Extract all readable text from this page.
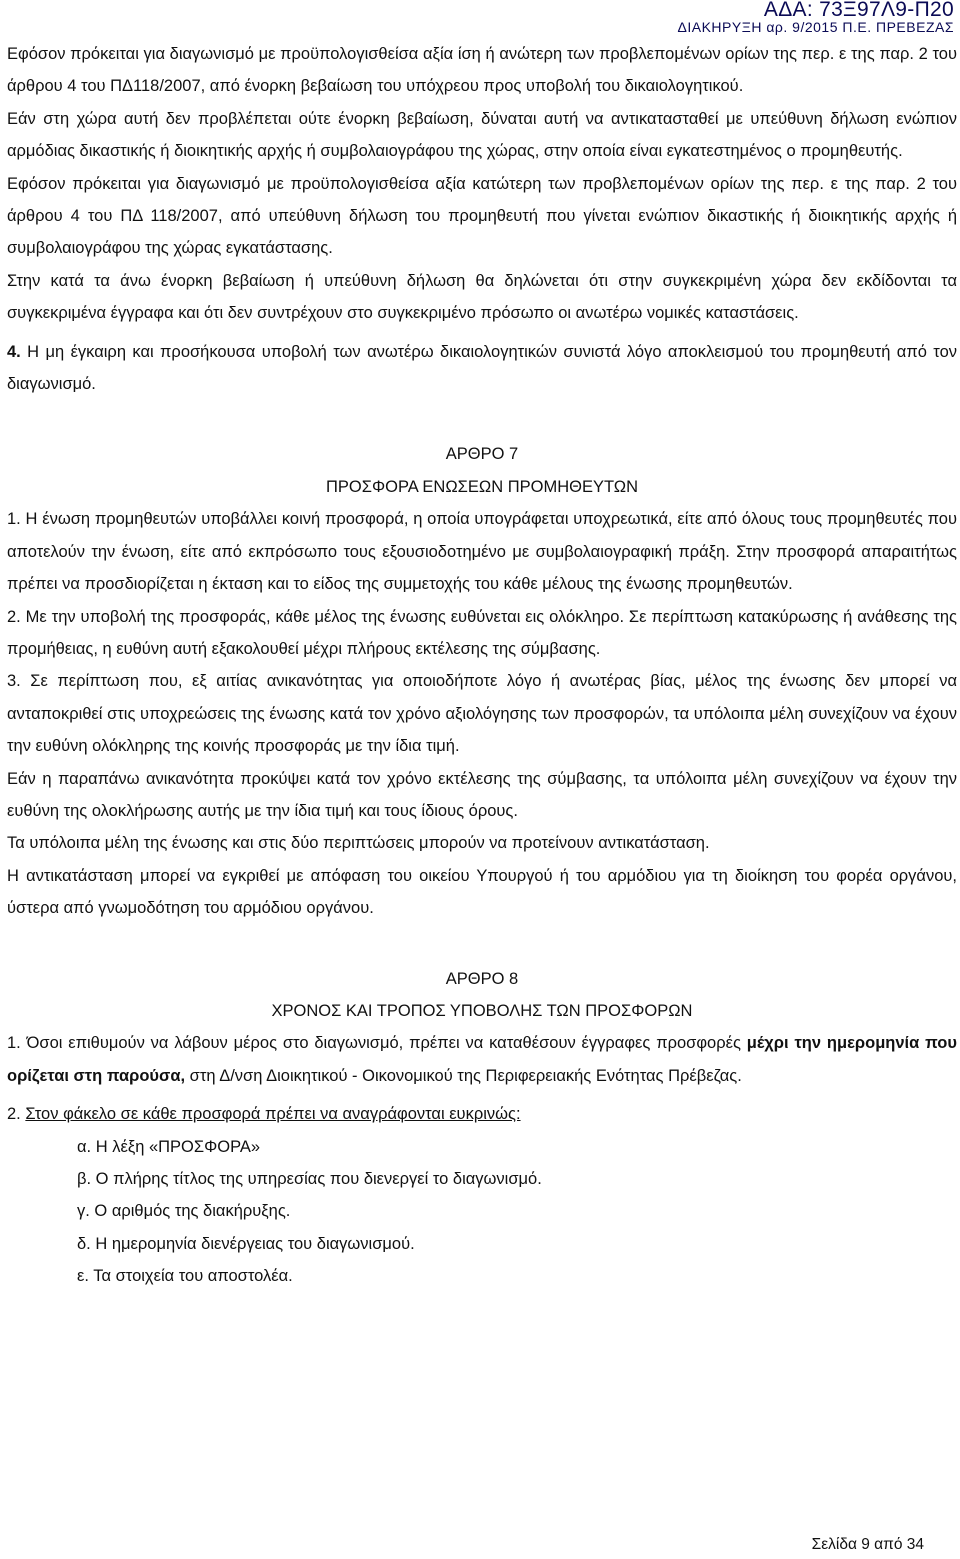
ΑΔΑ: 73Ξ97Λ9-Π20
ΔΙΑΚΗΡΥΞΗ αρ. 9/2015 Π.Ε. ΠΡΕΒΕΖΑΣ
Εφόσον πρόκειται για διαγωνισμό με προϋπολογισθείσα αξία ίση ή ανώτερη των προβλεπομένων ορίων της περ. ε της παρ. 2 του άρθρου 4 του ΠΔ118/2007, από ένορκη βεβαίωση του υπόχρεου προς υποβολή του δικαιολογητικού.
Εάν στη χώρα αυτή δεν προβλέπεται ούτε ένορκη βεβαίωση, δύναται αυτή να αντικατασταθεί με υπεύθυνη δήλωση ενώπιον αρμόδιας δικαστικής ή διοικητικής αρχής ή συμβολαιογράφου της χώρας, στην οποία είναι εγκατεστημένος ο προμηθευτής.
Εφόσον πρόκειται για διαγωνισμό με προϋπολογισθείσα αξία κατώτερη των προβλεπομένων ορίων της περ. ε της παρ. 2 του άρθρου 4 του ΠΔ 118/2007, από υπεύθυνη δήλωση του προμηθευτή που γίνεται ενώπιον δικαστικής ή διοικητικής αρχής ή συμβολαιογράφου της χώρας εγκατάστασης.
Στην κατά τα άνω ένορκη βεβαίωση ή υπεύθυνη δήλωση θα δηλώνεται ότι στην συγκεκριμένη χώρα δεν εκδίδονται τα συγκεκριμένα έγγραφα και ότι δεν συντρέχουν στο συγκεκριμένο πρόσωπο οι ανωτέρω νομικές καταστάσεις.
4. Η μη έγκαιρη και προσήκουσα υποβολή των ανωτέρω δικαιολογητικών συνιστά λόγο αποκλεισμού του προμηθευτή από τον διαγωνισμό.
ΑΡΘΡΟ 7
ΠΡΟΣΦΟΡΑ ΕΝΩΣΕΩΝ ΠΡΟΜΗΘΕΥΤΩΝ
1. Η ένωση προμηθευτών υποβάλλει κοινή προσφορά, η οποία υπογράφεται υποχρεωτικά, είτε από όλους τους προμηθευτές που αποτελούν την ένωση, είτε από εκπρόσωπο τους εξουσιοδοτημένο με συμβολαιογραφική πράξη. Στην προσφορά απαραιτήτως πρέπει να προσδιορίζεται η έκταση και το είδος της συμμετοχής του κάθε μέλους της ένωσης προμηθευτών.
2. Με την υποβολή της προσφοράς, κάθε μέλος της ένωσης ευθύνεται εις ολόκληρο. Σε περίπτωση κατακύρωσης ή ανάθεσης της προμήθειας, η ευθύνη αυτή εξακολουθεί μέχρι πλήρους εκτέλεσης της σύμβασης.
3. Σε περίπτωση που, εξ αιτίας ανικανότητας για οποιοδήποτε λόγο ή ανωτέρας βίας, μέλος της ένωσης δεν μπορεί να ανταποκριθεί στις υποχρεώσεις της ένωσης κατά τον χρόνο αξιολόγησης των προσφορών, τα υπόλοιπα μέλη συνεχίζουν να έχουν την ευθύνη ολόκληρης της κοινής προσφοράς με την ίδια τιμή.
Εάν η παραπάνω ανικανότητα προκύψει κατά τον χρόνο εκτέλεσης της σύμβασης, τα υπόλοιπα μέλη συνεχίζουν να έχουν την ευθύνη της ολοκλήρωσης αυτής με την ίδια τιμή και τους ίδιους όρους.
Τα υπόλοιπα μέλη της ένωσης και στις δύο περιπτώσεις μπορούν να προτείνουν αντικατάσταση.
Η αντικατάσταση μπορεί να εγκριθεί με απόφαση του οικείου Υπουργού ή του αρμόδιου για τη διοίκηση του φορέα οργάνου, ύστερα από γνωμοδότηση του αρμόδιου οργάνου.
ΑΡΘΡΟ 8
ΧΡΟΝΟΣ ΚΑΙ ΤΡΟΠΟΣ ΥΠΟΒΟΛΗΣ ΤΩΝ ΠΡΟΣΦΟΡΩΝ
1. Όσοι επιθυμούν να λάβουν μέρος στο διαγωνισμό, πρέπει να καταθέσουν έγγραφες προσφορές μέχρι την ημερομηνία που ορίζεται στη παρούσα, στη Δ/νση Διοικητικού - Οικονομικού της Περιφερειακής Ενότητας Πρέβεζας.
2. Στον φάκελο σε κάθε προσφορά πρέπει να αναγράφονται ευκρινώς:
α. Η λέξη «ΠΡΟΣΦΟΡΑ»
β. Ο πλήρης τίτλος της υπηρεσίας που διενεργεί το διαγωνισμό.
γ. Ο αριθμός της διακήρυξης.
δ. Η ημερομηνία διενέργειας του διαγωνισμού.
ε. Τα στοιχεία του αποστολέα.
Σελίδα 9 από 34
